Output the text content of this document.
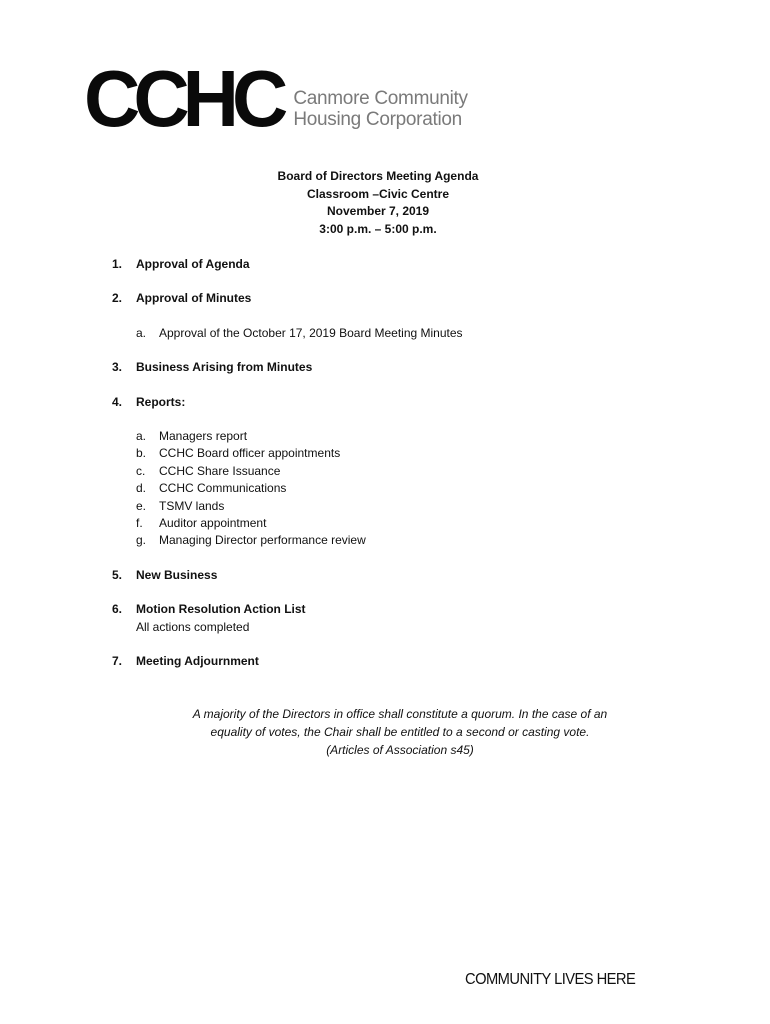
CCHC Canmore Community
Housing Corporation
Board of Directors Meeting Agenda
Classroom –Civic Centre
November 7, 2019
3:00 p.m. – 5:00 p.m.
1.	Approval of Agenda
2.	Approval of Minutes
a.	Approval of the October 17, 2019 Board Meeting Minutes
3.	Business Arising from Minutes
4.	Reports:
a.	Managers report
b.	CCHC Board officer appointments
c.	CCHC Share Issuance
d.	CCHC Communications
e.	TSMV lands
f.	Auditor appointment
g.	Managing Director performance review
5.	New Business
6.	Motion Resolution Action List
All actions completed
7.	Meeting Adjournment
A majority of the Directors in office shall constitute a quorum. In the case of an
equality of votes, the Chair shall be entitled to a second or casting vote.
(Articles of Association s45)
COMMUNITY LIVES HERE
